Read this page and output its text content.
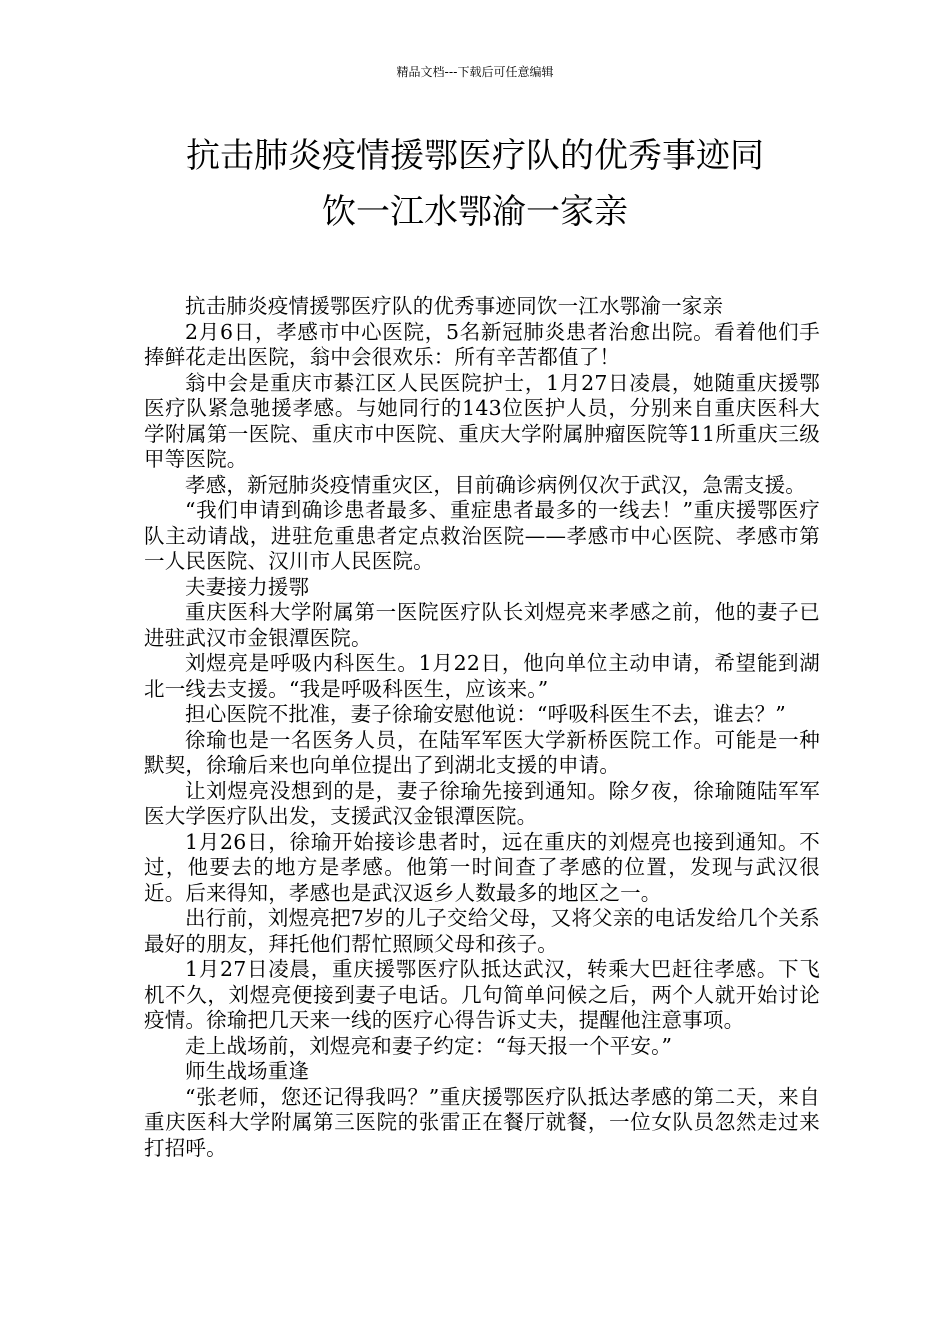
精品文档---下载后可任意编辑
抗击肺炎疫情援鄂医疗队的优秀事迹同
饮一江水鄂渝一家亲

抗击肺炎疫情援鄂医疗队的优秀事迹同饮一江水鄂渝一家亲

2月6日，孝感市中心医院，5名新冠肺炎患者治愈出院。看着他们手捧鲜花走出医院，翁中会很欢乐：所有辛苦都值了！

翁中会是重庆市綦江区人民医院护士，1月27日凌晨，她随重庆援鄂医疗队紧急驰援孝感。与她同行的143位医护人员，分别来自重庆医科大学附属第一医院、重庆市中医院、重庆大学附属肿瘤医院等11所重庆三级甲等医院。

孝感，新冠肺炎疫情重灾区，目前确诊病例仅次于武汉，急需支援。

“我们申请到确诊患者最多、重症患者最多的一线去！”重庆援鄂医疗队主动请战，进驻危重患者定点救治医院——孝感市中心医院、孝感市第一人民医院、汉川市人民医院。

夫妻接力援鄂

重庆医科大学附属第一医院医疗队长刘煜亮来孝感之前，他的妻子已进驻武汉市金银潭医院。

刘煜亮是呼吸内科医生。1月22日，他向单位主动申请，希望能到湖北一线去支援。“我是呼吸科医生，应该来。”

担心医院不批准，妻子徐瑜安慰他说：“呼吸科医生不去，谁去？”

徐瑜也是一名医务人员，在陆军军医大学新桥医院工作。可能是一种默契，徐瑜后来也向单位提出了到湖北支援的申请。

让刘煜亮没想到的是，妻子徐瑜先接到通知。除夕夜，徐瑜随陆军军医大学医疗队出发，支援武汉金银潭医院。

1月26日，徐瑜开始接诊患者时，远在重庆的刘煜亮也接到通知。不过，他要去的地方是孝感。他第一时间查了孝感的位置，发现与武汉很近。后来得知，孝感也是武汉返乡人数最多的地区之一。

出行前，刘煜亮把7岁的儿子交给父母，又将父亲的电话发给几个关系最好的朋友，拜托他们帮忙照顾父母和孩子。

1月27日凌晨，重庆援鄂医疗队抵达武汉，转乘大巴赶往孝感。下飞机不久，刘煜亮便接到妻子电话。几句简单问候之后，两个人就开始讨论疫情。徐瑜把几天来一线的医疗心得告诉丈夫，提醒他注意事项。

走上战场前，刘煜亮和妻子约定：“每天报一个平安。”

师生战场重逢

“张老师，您还记得我吗？”重庆援鄂医疗队抵达孝感的第二天，来自重庆医科大学附属第三医院的张雷正在餐厅就餐，一位女队员忽然走过来打招呼。
